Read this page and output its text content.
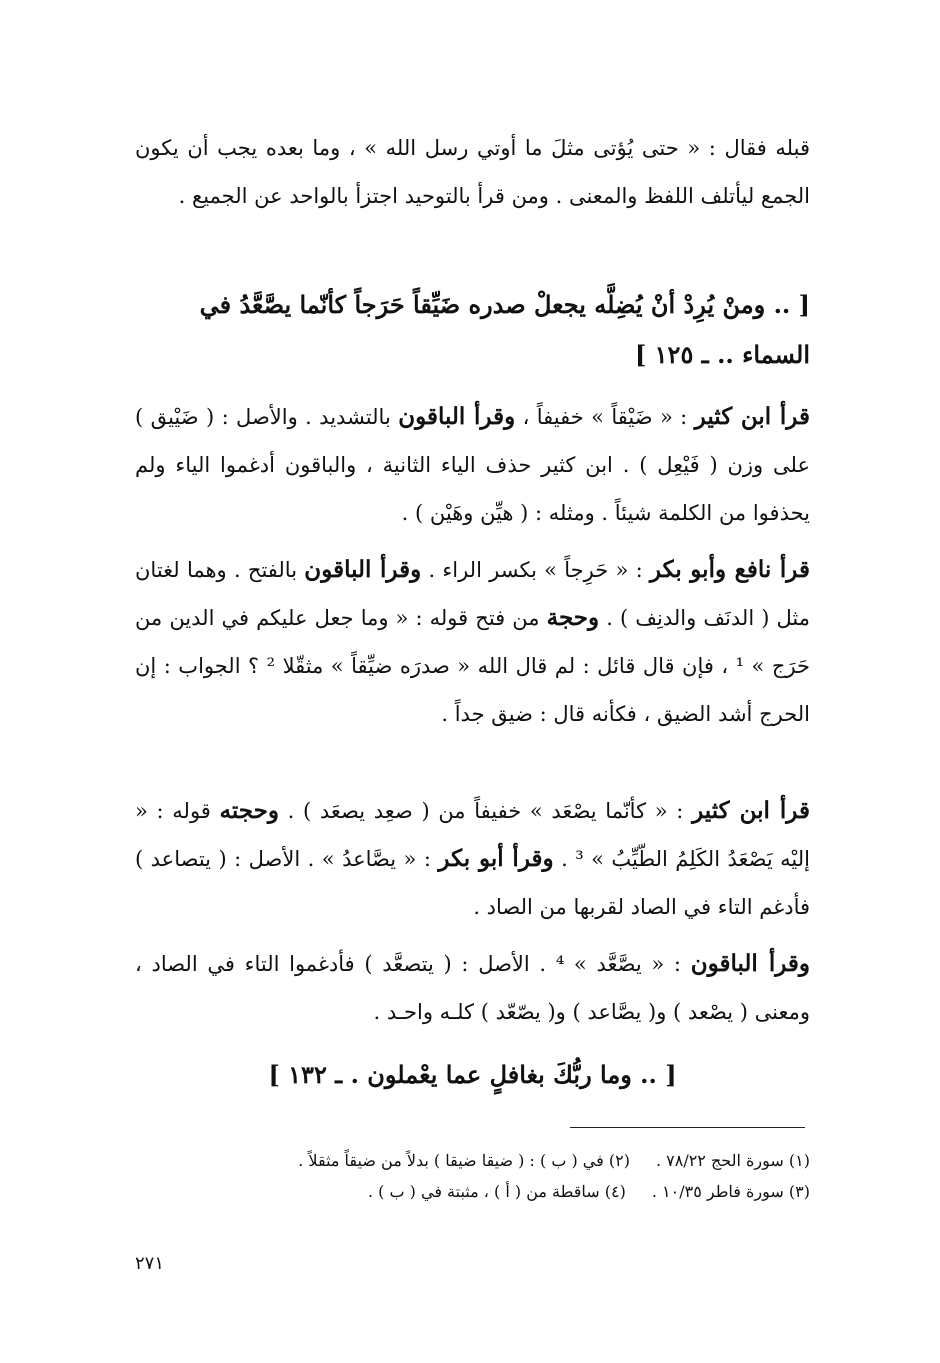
قبله فقال : « حتى يُؤتى مثلَ ما أوتي رسل الله » ، وما بعده يجب أن يكون الجمع ليأتلف اللفظ والمعنى . ومن قرأ بالتوحيد اجتزأ بالواحد عن الجميع .
[ .. ومنْ يُرِدْ أنْ يُضِلَّه يجعلْ صدره ضَيِّقاً حَرَجاً كأنّما يصَّعَّدُ في السماء .. ـ ١٢٥ ]
قرأ ابن كثير : « ضَيْقاً » خفيفاً ، وقرأ الباقون بالتشديد . والأصل : ( ضَيْيق ) على وزن ( فَيْعِل ) . ابن كثير حذف الياء الثانية ، والباقون أدغموا الياء ولم يحذفوا من الكلمة شيئاً . ومثله : ( هيِّن وهَيْن ) .
قرأ نافع وأبو بكر : « حَرِجاً » بكسر الراء . وقرأ الباقون بالفتح . وهما لغتان مثل ( الدنَف والدنِف ) . وحجة من فتح قوله : « وما جعل عليكم في الدين من حَرَج » ¹ ، فإن قال قائل : لم قال الله « صدرَه ضيِّقاً » مثقّلا ² ؟ الجواب : إن الحرج أشد الضيق ، فكأنه قال : ضيق جداً .
قرأ ابن كثير : « كأنّما يصْعَد » خفيفاً من ( صعِد يصعَد ) . وحجته قوله : « إليْه يَصْعَدُ الكَلِمُ الطّيِّبُ » ³ . وقرأ أبو بكر : « يصَّاعدُ » . الأصل : ( يتصاعد ) فأدغم التاء في الصاد لقربها من الصاد .
وقرأ الباقون : « يصَّعَّد » ⁴ . الأصل : ( يتصعَّد ) فأدغموا التاء في الصاد ، ومعنى ( يصْعد ) و( يصَّاعد ) و( يصّعّد ) كلـه واحـد .
[ .. وما ربُّكَ بغافلٍ عما يعْملون . ـ ١٣٢ ]
(١) سورة الحج ٧٨/٢٢ .(٢) في ( ب ) : ( ضيقا ضيقا ) بدلاً من ضيقاً مثقلاً .
(٣) سورة فاطر ١٠/٣٥ .(٤) ساقطة من ( أ ) ، مثبتة في ( ب ) .
٢٧١
